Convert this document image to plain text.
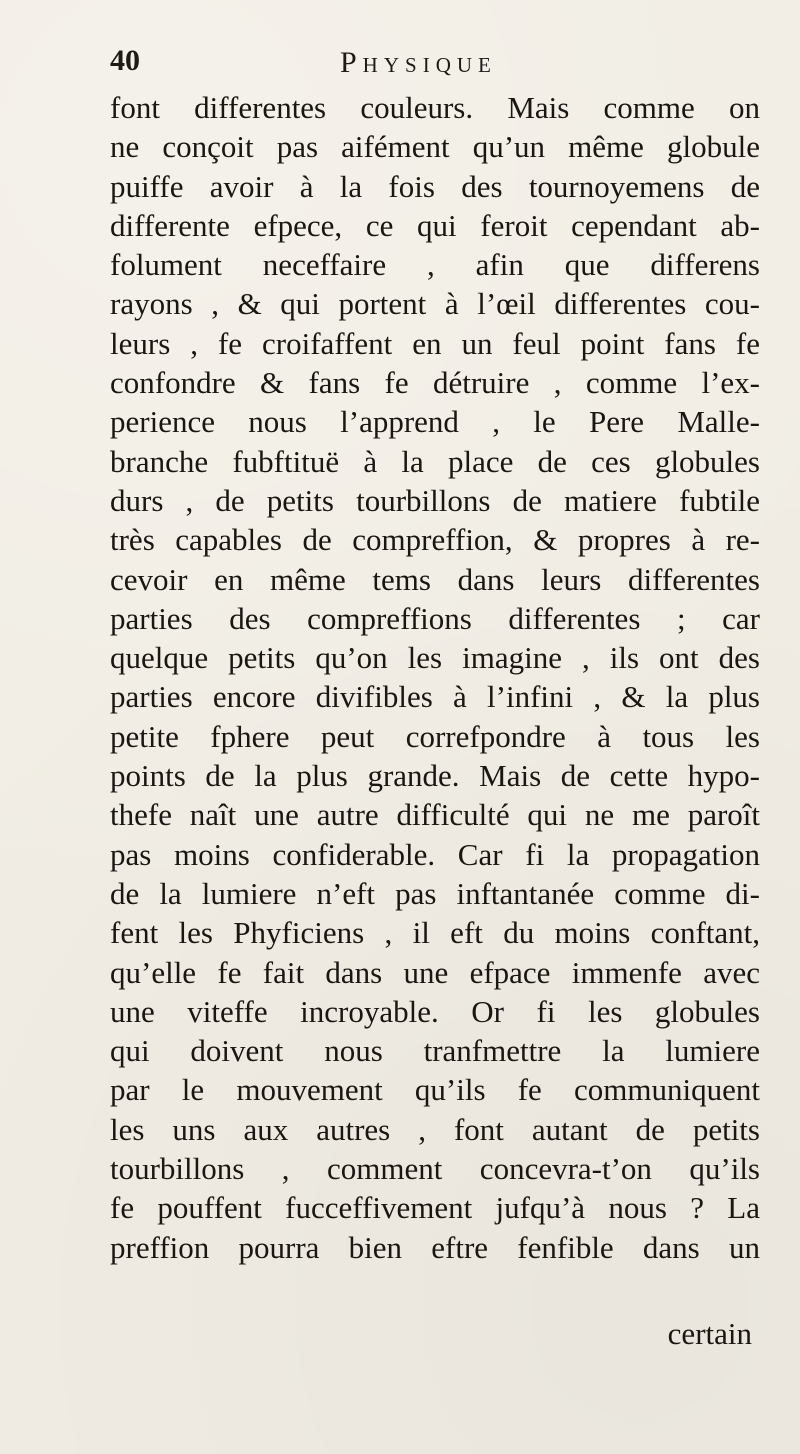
40	Physique
font differentes couleurs. Mais comme on
ne conçoit pas aifément qu’un même globule
puiffe avoir à la fois des tournoyemens de
differente efpece, ce qui feroit cependant ab-
folument neceffaire , afin que differens
rayons , & qui portent à l’œil differentes cou-
leurs , fe croifaffent en un feul point fans fe
confondre & fans fe détruire , comme l’ex-
perience nous l’apprend , le Pere Malle-
branche fubftituë à la place de ces globules
durs , de petits tourbillons de matiere fubtile
très capables de compreffion, & propres à re-
cevoir en même tems dans leurs differentes
parties des compreffions differentes ; car
quelque petits qu’on les imagine , ils ont des
parties encore divifibles à l’infini , & la plus
petite fphere peut correfpondre à tous les
points de la plus grande. Mais de cette hypo-
thefe naît une autre difficulté qui ne me paroît
pas moins confiderable. Car fi la propagation
de la lumiere n’eft pas inftantanée comme di-
fent les Phyficiens , il eft du moins conftant,
qu’elle fe fait dans une efpace immenfe avec
une viteffe incroyable. Or fi les globules
qui doivent nous tranfmettre la lumiere
par le mouvement qu’ils fe communiquent
les uns aux autres , font autant de petits
tourbillons , comment concevra-t’on qu’ils
fe pouffent fucceffivement jufqu’à nous ? La
preffion pourra bien eftre fenfible dans un
certain
